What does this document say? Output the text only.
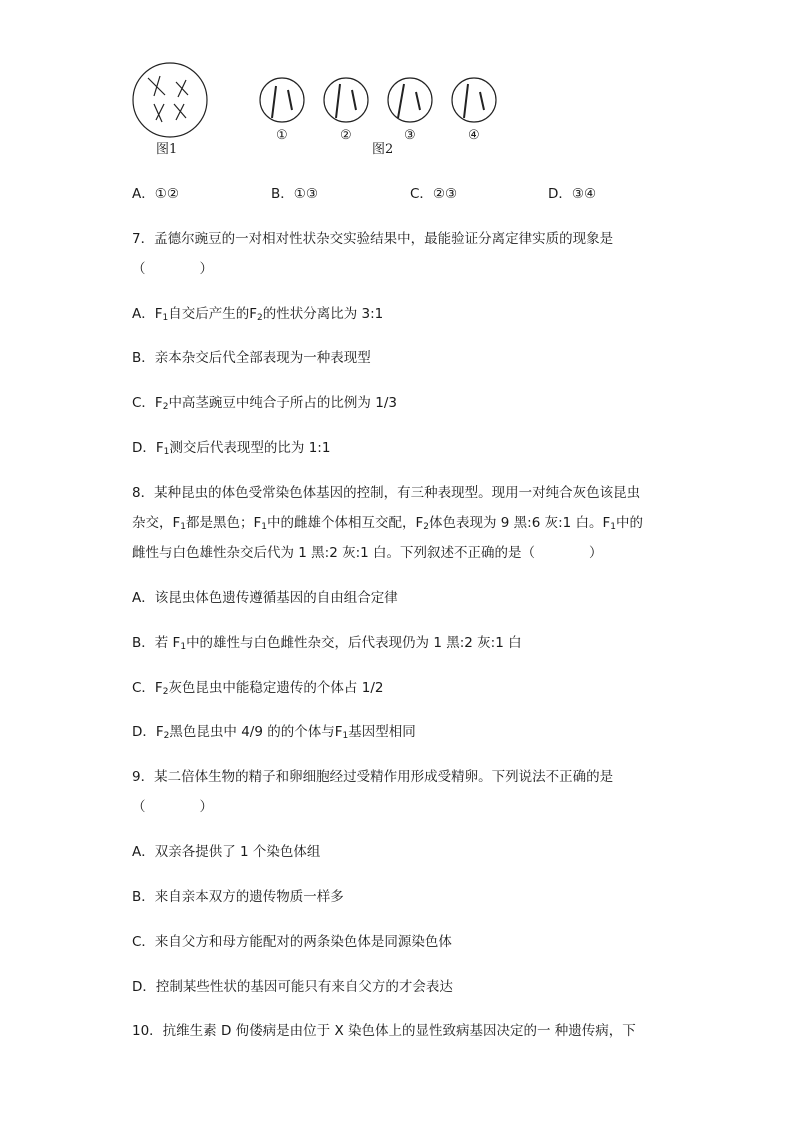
图1
①	②	③	④
图2
A．①②	B．①③	C．②③	D．③④
7．孟德尔豌豆的一对相对性状杂交实验结果中，最能验证分离定律实质的现象是
（　　　　）
A．$F_1$自交后产生的$F_2$的性状分离比为 3:1
B．亲本杂交后代全部表现为一种表现型
C．$F_2$中高茎豌豆中纯合子所占的比例为 1/3
D．$F_1$测交后代表现型的比为 1:1
8．某种昆虫的体色受常染色体基因的控制，有三种表现型。现用一对纯合灰色该昆虫
杂交，$F_1$都是黑色；$F_1$中的雌雄个体相互交配，$F_2$体色表现为 9 黑:6 灰:1 白。$F_1$中的
雌性与白色雄性杂交后代为 1 黑:2 灰:1 白。下列叙述不正确的是（　　　　）
A．该昆虫体色遗传遵循基因的自由组合定律
B．若 $F_1$中的雄性与白色雌性杂交，后代表现仍为 1 黑:2 灰:1 白
C．$F_2$灰色昆虫中能稳定遗传的个体占 1/2
D．$F_2$黑色昆虫中 4/9 的的个体与$F_1$基因型相同
9．某二倍体生物的精子和卵细胞经过受精作用形成受精卵。下列说法不正确的是
（　　　　）
A．双亲各提供了 1 个染色体组
B．来自亲本双方的遗传物质一样多
C．来自父方和母方能配对的两条染色体是同源染色体
D．控制某些性状的基因可能只有来自父方的才会表达
10．抗维生素 D 佝偻病是由位于 X 染色体上的显性致病基因决定的一 种遗传病，下
